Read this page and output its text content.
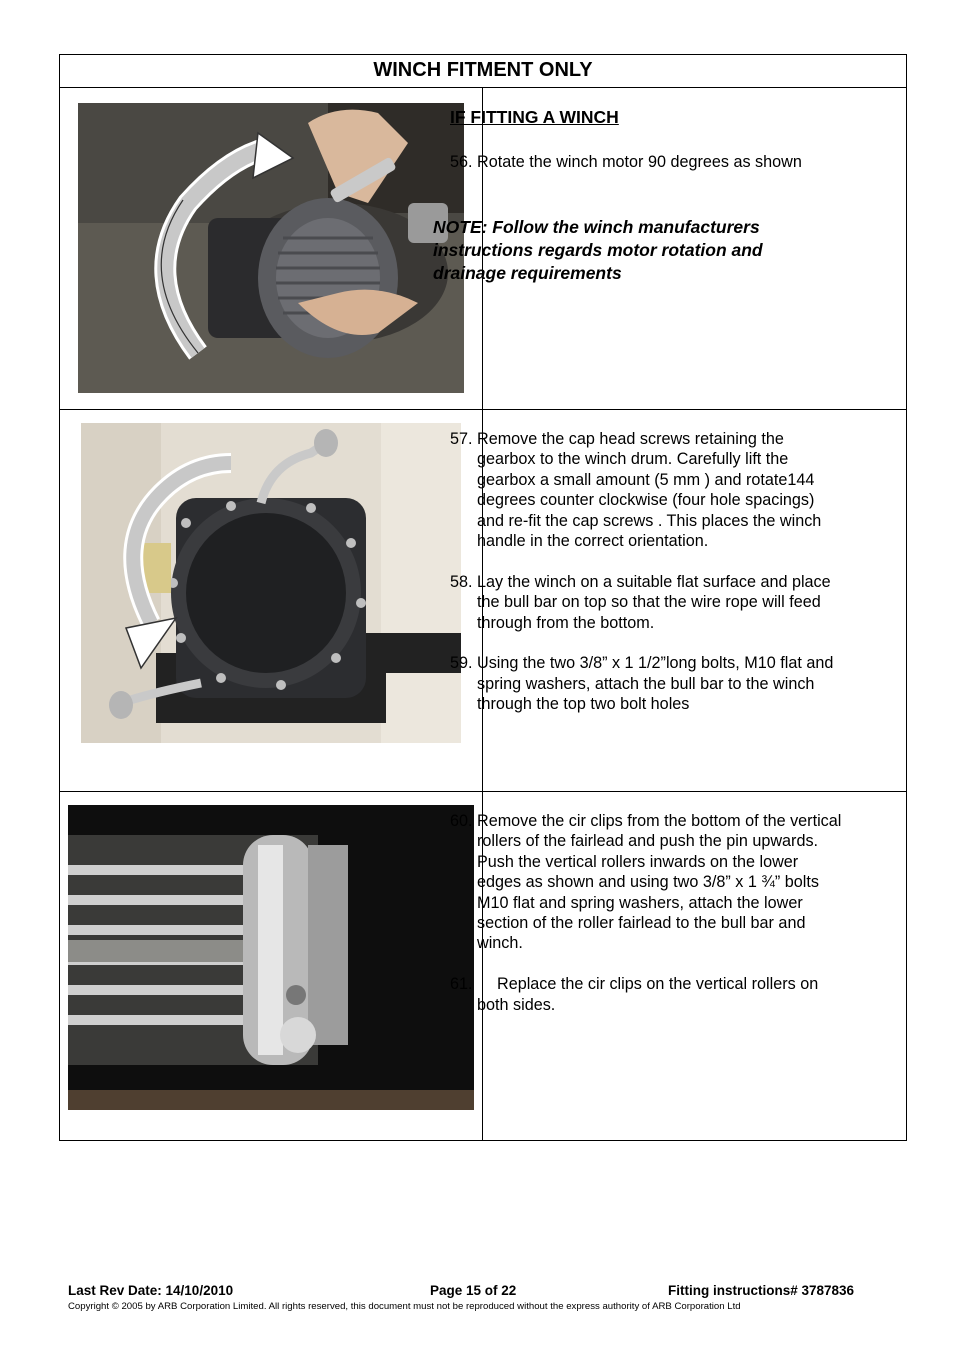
WINCH FITMENT ONLY
IF FITTING A WINCH
56. Rotate the winch motor 90 degrees as shown
NOTE: Follow the winch manufacturers instructions regards motor rotation and drainage requirements
57. Remove the cap head screws retaining the gearbox to the winch drum. Carefully lift the gearbox a small amount (5 mm ) and rotate144 degrees counter clockwise (four hole spacings) and re-fit the cap screws . This places the winch handle in the correct orientation.
58. Lay the winch on a suitable flat surface and place the bull bar on top so that the wire rope will feed through from the bottom.
59. Using the two 3/8” x 1 1/2”long bolts, M10 flat and spring washers, attach the bull bar to the winch through the top two bolt holes
60. Remove the cir clips from the bottom of the vertical rollers of the fairlead and push the pin upwards. Push the vertical rollers inwards on the lower edges as shown and using two 3/8” x 1 ¾” bolts M10 flat and spring washers, attach the lower section of the roller fairlead to the bull bar and winch.
61.	Replace the cir clips on the vertical rollers on both sides.
Last Rev Date: 14/10/2010	Page 15 of 22	Fitting instructions# 3787836
Copyright © 2005 by ARB Corporation Limited. All rights reserved, this document must not be reproduced without the express authority of ARB Corporation Ltd
